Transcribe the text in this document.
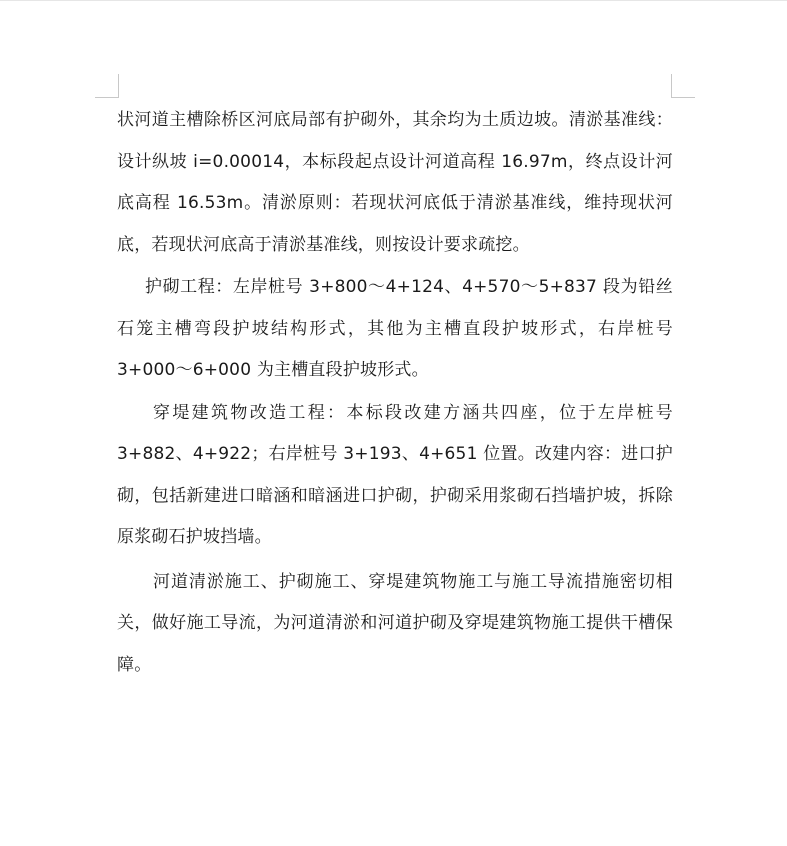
状河道主槽除桥区河底局部有护砌外，其余均为土质边坡。清淤基准线：设计纵坡 i=0.00014，本标段起点设计河道高程 16.97m，终点设计河底高程 16.53m。清淤原则：若现状河底低于清淤基准线，维持现状河底，若现状河底高于清淤基准线，则按设计要求疏挖。

护砌工程：左岸桩号 3+800～4+124、4+570～5+837 段为铅丝石笼主槽弯段护坡结构形式，其他为主槽直段护坡形式，右岸桩号 3+000～6+000 为主槽直段护坡形式。

穿堤建筑物改造工程：本标段改建方涵共四座，位于左岸桩号 3+882、4+922；右岸桩号 3+193、4+651 位置。改建内容：进口护砌，包括新建进口暗涵和暗涵进口护砌，护砌采用浆砌石挡墙护坡，拆除原浆砌石护坡挡墙。

河道清淤施工、护砌施工、穿堤建筑物施工与施工导流措施密切相关，做好施工导流，为河道清淤和河道护砌及穿堤建筑物施工提供干槽保障。
